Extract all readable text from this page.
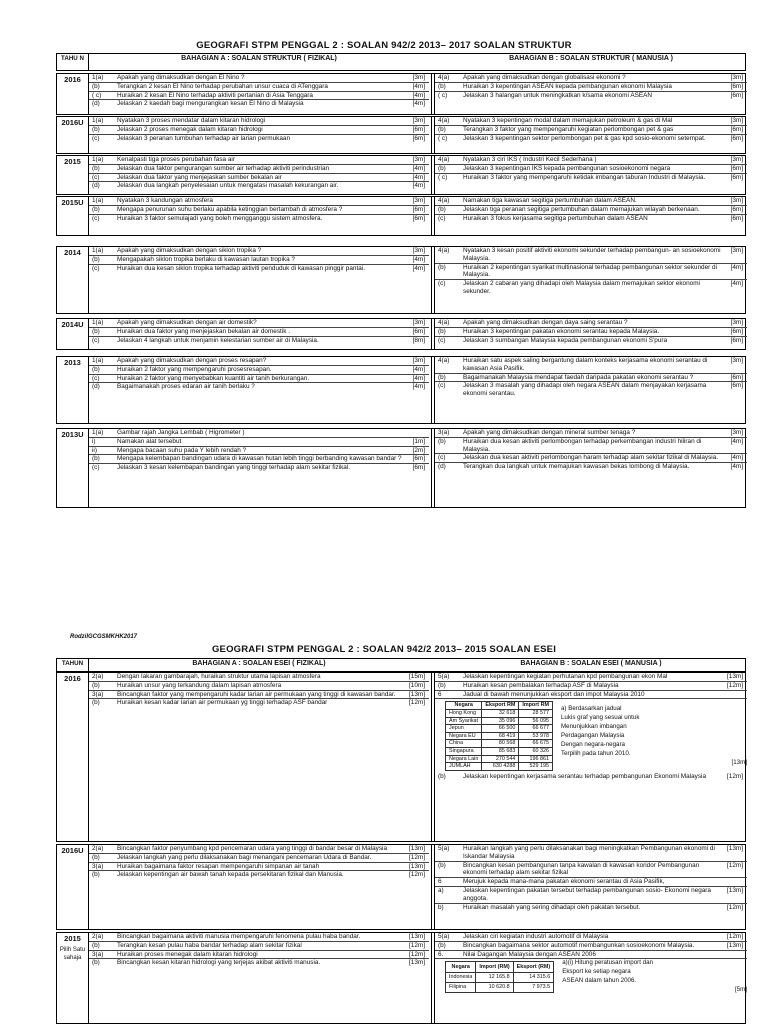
GEOGRAFI STPM PENGGAL 2 : SOALAN 942/2 2013– 2017 SOALAN STRUKTUR
TAHU N	BAHAGIAN A : SOALAN STRUKTUR ( FIZIKAL)	BAHAGIAN B : SOALAN STRUKTUR ( MANUSIA )
2016	1(a)	Apakah yang dimaksudkan dengan El Nino ?	[3m]
(b)	Terangkan 2 kesan El Nino terhadap perubahan unsur cuaca di ATenggara	[4m]
( c)	Huraikan 2 kesan El Nino terhadap aktiviti pertanian di Asia Tenggara	[4m]
(d)	Jelaskan 2 kaedah bagi mengurangkan kesan El Nino di Malaysia	[4m]
4(a)	Apakah yang dimaksudkan dengan globalisasi ekonomi ?	[3m]
(b)	Huraikan 3 kepentingan ASEAN kepada pembangunan ekonomi Malaysia	[6m]
( c)	Jelaskan 3 halangan untuk meningkatkan k/sama ekonomi ASEAN	[6m]
2016U	1(a)	Nyatakan 3 proses mendatar dalam kitaran hidrologi	[3m]
(b)	Jelaskan 2 proses menegak dalam kitaran hidrologi	[6m]
(c)	Jelaskan 3 peranan tumbuhan terhadap air larian permukaan	[6m]
4(a)	Nyatakan 3 kepentingan modal dalam memajukan petroleum & gas di Mal	[3m]
(b)	Terangkan 3 faktor yang mempengaruhi kegiatan perlombongan pet & gas	[6m]
( c)	Jelaskan 3 kepentingan sektor perlombongan pet & gas kpd sosio-ekonomi setempat.	[6m]
2015	1(a)	Kenalpasti tiga proses perubahan fasa air	[3m]
(b)	Jelaskan dua faktor pengurangan sumber air terhadap aktiviti perindustrian	[4m]
(c)	Jelaskan dua faktor yang menjejaskan sumber bekalan air	[4m]
(d)	Jelaskan dua langkah penyelesaian untuk mengatasi masalah kekurangan air.	[4m]
4(a)	Nyatakan 3 ciri IKS ( Industri Kecil Sederhana )	[3m]
(b)	Jelaskan 3 kepentingan IKS kepada pembangunan sosioekonomi negara	[6m]
( c)	Huraikan 3 faktor yang mempengaruhi ketidak imbangan taburan Industri di Malaysia.	[6m]
2015U	1(a)	Nyatakan 3 kandungan atmosfera	[3m]
(b)	Mengapa penurunan suhu berlaku apabila ketinggian bertambah di atmosfera ?	[6m]
(c)	Huraikan 3 faktor semulajadi yang boleh mengganggu sistem atmosfera.	[6m]
4(a)	Namakan tiga kawasan segitiga pertumbuhan dalam ASEAN.	[3m]
(b)	Jelaskan tiga peranan segitiga pertumbuhan dalam memajukan wilayah berkenaan.	[6m]
(c)	Huraikan 3 fokus kerjasama segitiga pertumbuhan dalam ASEAN	[6m]
2014	1(a)	Apakah yang dimaksudkan dengan siklon tropika ?	[3m]
(b)	Mengapakah siklon tropika berlaku di kawasan lautan tropika ?	[4m]
(c)	Huraikan dua kesan siklon tropika terhadap aktiviti penduduk di kawasan pinggir pantai.	[4m]
4(a)	Nyatakan 3 kesan positif aktiviti ekonomi sekunder terhadap pembangun- an sosioekonomi Malaysia.
[3m]
(b)	Huraikan 2 kepentingan syarikat multinasional terhadap pembangunan sektor sekunder di Malaysia.
[4m]
(c)	Jelaskan 2 cabaran yang dihadapi oleh Malaysia dalam memajukan sektor ekonomi sekunder.
[4m]
2014U	1(a)	Apakah yang dimaksudkan dengan air domestik?	[3m]
(b)	Huraikan dua faktor yang menjejaskan bekalan air domestik .	[6m]
(c)	Jelaskan 4 langkah untuk menjamin kelestarian sumber air di Malaysia.	[8m]
4(a)	Apakah yang dimaksudkan dengan daya saing serantau ?	[3m]
(b)	Huraikan 3 kepentingan pakatan ekonomi serantau kepada Malaysia.	[6m]
(c)	Jelaskan 3 sumbangan Malaysia kepada pembangunan ekonomi S'pura	[6m]
2013	1(a)	Apakah yang dimaksudkan dengan proses resapan?	[3m]
(b)	Huraikan 2 faktor yang mempengaruhi prosesresapan.	[4m]
(c)	Huraikan 2 faktor yang menyebabkan kuantiti air tanih berkurangan.	[4m]
(d)	Bagaimanakah proses edaran air tanih berlaku ?	[4m]
4(a)	Huraikan satu aspek saling bergantung dalam konteks kerjasama ekonomi serantau di kawasan Asia Pasifik.
[3m]
(b)	Bagaimanakah Malaysia mendapat faedah daripada pakatan ekonomi serantau ?	[6m]
(c)	Jelaskan 3 masalah yang dihadapi oleh negara ASEAN dalam menjayakan kerjasama ekonomi serantau.
[6m]
2013U	1(a)	Gambar rajah Jangka Lembab ( Higrometer )
i)	Namakan alat tersebut	[1m]
ii)	Mengapa bacaan suhu pada Y lebih rendah ?	[2m]
(b)	Mengapa kelembapan bandingan udara di kawasan hutan lebih tinggi berbanding kawasan bandar ?	[6m]
(c)	Jelaskan 3 kesan kelembapan bandingan yang tinggi terhadap alam sekitar fizikal.	[6m]
3(a)	Apakah yang dimaksudkan dengan mineral sumber tenaga ?	[3m]
(b)	Huraikan dua kesan aktiviti perlombongan terhadap perkembangan industri hiliran di Malaysia.
[4m]
(c)	Jelaskan dua kesan aktiviti perlombongan haram terhadap alam sekitar fizikal di Malaysia.	[4m]
(d)	Terangkan dua langkah untuk memajukan kawasan bekas lombong di Malaysia.	[4m]
RodziIGCGSMKHK2017
GEOGRAFI STPM PENGGAL 2 : SOALAN 942/2 2013– 2015 SOALAN ESEI
TAHUN	BAHAGIAN A : SOALAN ESEI ( FIZIKAL)	BAHAGIAN B : SOALAN ESEI ( MANUSIA )
2016	2(a)	Dengan lakaran gambarajah, huraikan struktur utama lapisan atmosfera	[15m]
(b)	Huraikan unsur yang terkandung dalam lapisan atmosfera	[10m]
3(a)	Bincangkan faktor yang mempengaruhi kadar larian air permukaan yang tinggi di kawasan bandar.	[13m]
(b)	Huraikan kesan kadar larian air permukaan yg tinggi terhadap ASF bandar	[12m]
5(a)	Jelaskan kepentingan kegiatan perhutanan kpd pembangunan ekon Mal	[13m]
(b)	Huraikan kesan pembalakan terhadap ASF di Malaysia	[12m]
6	Jadual di bawah menunjukkan eksport dan impot Malaysia 2010
Negara	Eksport RM	Import RM
Hong Kong	32 618	28 577
Am Syarikat	35 096	56 095
Jepun	66 500	66 677
Negara EU	68 419	53 978
China	80 568	66 675
Singapura	85 683	60 326
Negara Lain	270 544	196 861
JUMLAH	630 4288	529 195
a) Berdasarkan jadual
Lukis graf yang sesuai untuk
Menunjukkan imbangan
Perdagangan Malaysia
Dengan negara-negara
Terpilih pada tahun 2010.
[13m]
(b)	Jelaskan kepentingan kerjasama serantau terhadap pembangunan Ekonomi Malaysia	[12m]
2016U	2(a)	Bincangkan faktor penyumbang kpd pencemaran udara yang tinggi di bandar besar di Malaysia	[13m]
(b)	Jelaskan langkah yang perlu dilaksanakan bagi menangani pencemaran Udara di Bandar.	[12m]
3(a)	Huraikan bagaimana faktor resapan mempengaruhi simpanan air tanah	[13m]
(b)	Jelaskan kepentingan air bawah tanah kepada persekitaran fizikal dan Manusia.	[12m]
5(a)	Huraikan langkah yang perlu dilaksanakan bagi meningkatkan Pembangunan ekonomi di Iskandar Malaysia
[13m]
(b)	Bincangkan kesan pembangunan tanpa kawalan di kawasan koridor Pembangunan ekonomi terhadap alam sekitar fizikal
[12m]
6	Merujuk kepada mana-mana pakatan ekonomi serantau di Asia Pasifik,
a)	Jelaskan kepentingan pakatan tersebut terhadap pembangunan sosio- Ekonomi negara anggota.
[13m]
b)	Huraikan masalah yang sering dihadapi oleh pakatan tersebut.	[12m]
2015
Pilih Satu sahaja
2(a)	Bincangkan bagaimana aktiviti manusia mempengaruhi fenomena pulau haba bandar.	[13m]
(b)	Terangkan kesan pulau haba bandar terhadap alam sekitar fizikal	[12m]
3(a)	Huraikan proses menegak dalam kitaran hidrologi	[12m]
(b)	Bincangkan kesan kitaran hidrologi yang terjejas akibat aktiviti manusia.	[13m]
5(a)	Jelaskan ciri kegiatan industri automotif di Malaysia	[12m]
(b)	Bincangkan bagaimana sektor automotif membangunkan sosioekonomi Malaysia.	[13m]
6.	Nilai Dagangan Malaysia dengan ASEAN 2006
Negara	Import (RM)	Eksport (RM)
Indonesia	12 165.8	14 315.6
Filipina	10 620.8	7 973.5
a)(i) Hitung peratusan import dan
Eksport ke setiap negara
ASEAN dalam tahun 2006.
[5m]
